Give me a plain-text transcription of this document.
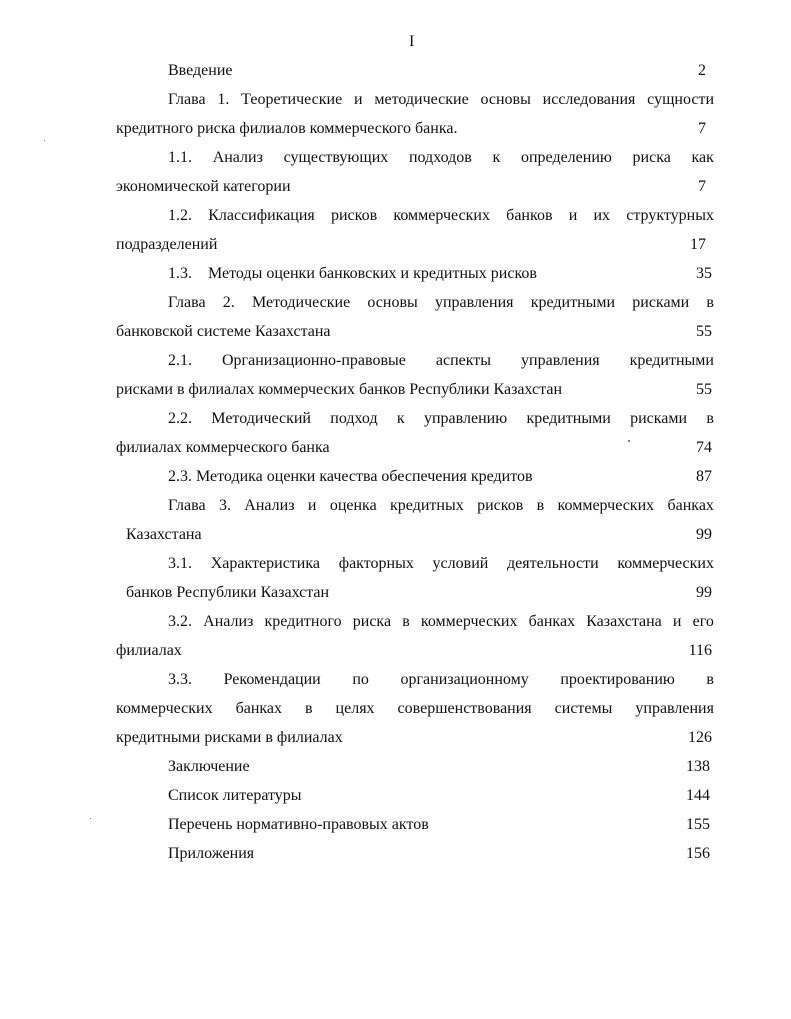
I
Введение	2
Глава 1. Теоретические и методические основы исследования сущности
кредитного риска филиалов коммерческого банка.	7
1.1. Анализ существующих подходов к определению риска как
экономической категории	7
1.2. Классификация рисков коммерческих банков и их структурных
подразделений	17
1.3.    Методы оценки банковских и кредитных рисков	35
Глава 2. Методические основы управления кредитными рисками в
банковской системе Казахстана	55
2.1. Организационно-правовые аспекты управления кредитными
рисками в филиалах коммерческих банков Республики Казахстан	55
2.2. Методический подход к управлению кредитными рисками в
филиалах коммерческого банка	74
2.3. Методика оценки качества обеспечения кредитов	87
Глава 3. Анализ и оценка кредитных рисков в коммерческих банках
Казахстана	99
3.1. Характеристика факторных условий деятельности коммерческих
банков Республики Казахстан	99
3.2. Анализ кредитного риска в коммерческих банках Казахстана и его
филиалах	116
3.3. Рекомендации по организационному проектированию в
коммерческих банках в целях совершенствования системы управления
кредитными рисками в филиалах	126
Заключение	138
Список литературы	144
Перечень нормативно-правовых актов	155
Приложения	156
